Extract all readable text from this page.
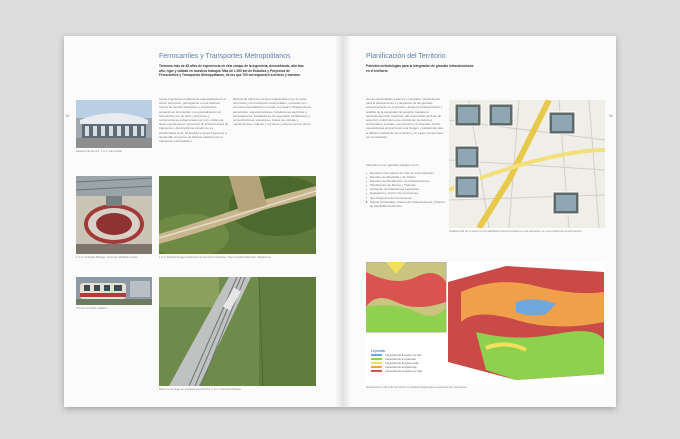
Ferrocarriles y Transportes Metropolitanos
Tenemos más de 45 años de experiencia en este campo de la ingeniería, demostrando, año tras año, rigor y calidad en nuestros trabajos. Más de 1.000 km de Estudios y Proyectos de Ferrocarriles y Transportes Metropolitanos, de los que 700 corresponden a metros y tranvías.
Ayesa Ingeniería es altamente especializada en el sector ferroviario, participando en los distintos tramos de las Alta Velocidad, e importantes actuaciones ferroviarias. La especialización en ferrocarriles por un lado y proyectos y construcciones subterráneas por otro, unida a la larga experiencia en proyectos de infraestructura de transporte y del amplísimo estudio de su problemática local, ha llevado a Ayesa Ingeniería a desarrollar proyectos de altísima calidad para el transporte metropolitano.
abarcando todos los campos relacionados con el modo ferroviario y del transporte metropolitano, contando con personal especializado en todas sus áreas: infraestructura, estructuras, superestructuras, instalaciones eléctricas y subestaciones, instalaciones de seguridad, señalización y comunicaciones, estaciones, bases de montaje y mantenimiento, talleres y cocheras y direcciones de obras.
64
Estación Borta Sur, L.A.V. Sant Gallo
L.A.V. Córdoba-Málaga. Túnel de Abdalajís Oeste	L.A.V. Madrid-Zaragoza-Barcelona-Frontera Francesa. Tramo Lleida-Martorell. Plataforma
Tranvía de Parla, Madrid
Base de montaje de instalaciones del P.V. L.A.V. Córdoba-Málaga
Planificación del Territorio
Potentes metodologías para la integración de grandes infraestructuras en el territorio.
Hemos desarrollado potentes y versátiles metodologías para el planeamiento e integración de las grandes infraestructuras en el territorio, desde la caracterización y análisis de la capacidad de acogida, basada en herramientas GIS, hasta las más avanzadas técnicas de selección multicriterio que consideran los factores ambientales, sociales, económicos y funcionales. Estas metodologías proporcionan una imagen y plataforma para la difusión pública de los estudios y su mejor comprensión por la sociedad.
Abordamos con garantía trabajos como:
Estudios Informativos de Vías de Comunicación.
Estudios de Movilidad y de Tráfico.
Estudios de Planificación de Infraestructuras.
Planificación de Metros y Tranvías.
Ubicación de Plataformas Logísticas.
Evaluación y Control de Inversiones.
Que Exigencia de Concesiones.
Planes Territoriales, Planes de Infraestructuras y Planes de Movilidad Sostenible.
65
Análisis GIS de impacto en accesibilidad proporcionada por una actuación en una ciudad de concentración
Leyenda
Capacidad de acogida muy alta
Capacidad de acogida alta
Capacidad de acogida media
Capacidad de acogida baja
Capacidad de acogida muy baja
Manipulación 3D a 3D del Plano de Modelo Digital para evaluación de corredores
